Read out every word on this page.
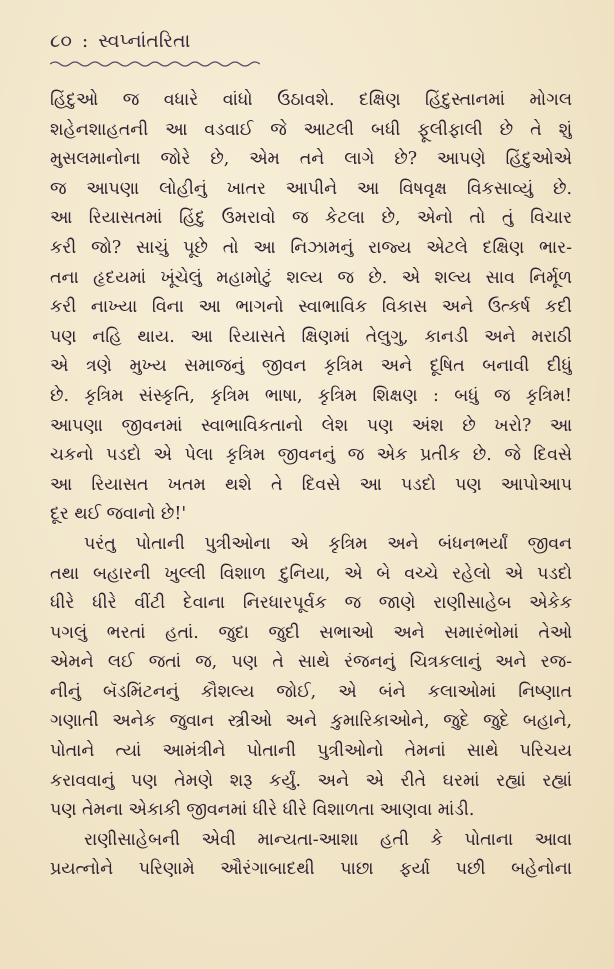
૮૦ : સ્વપ્નાંતરિતા
હિંદુઓ જ વધારે વાંધો ઉઠાવશે. દક્ષિણ હિંદુસ્તાનમાં મોગલ
શહેનશાહતની આ વડવાઈ જે આટલી બધી ફૂલીફાલી છે તે શું
મુસલમાનોના જોરે છે, એમ તને લાગે છે? આપણે હિંદુઓએ
જ આપણા લોહીનું ખાતર આપીને આ વિષવૃક્ષ વિકસાવ્યું છે.
આ રિયાસતમાં હિંદુ ઉમરાવો જ કેટલા છે, એનો તો તું વિચાર
કરી જો? સાચું પૂછે તો આ નિઝામનું રાજ્ય એટલે દક્ષિણ ભાર-
તના હૃદયમાં ખૂંચેલું મહામોટું શલ્ય જ છે. એ શલ્ય સાવ નિર્મૂળ
કરી નાખ્યા વિના આ ભાગનો સ્વાભાવિક વિકાસ અને ઉત્કર્ષ કદી
પણ નહિ થાય. આ રિયાસતે ક્ષિણમાં તેલુગુ, કાનડી અને મરાઠી
એ ત્રણે મુખ્ય સમાજનું જીવન કૃત્રિમ અને દૂષિત બનાવી દીધું
છે. કૃત્રિમ સંસ્કૃતિ, કૃત્રિમ ભાષા, કૃત્રિમ શિક્ષણ : બધું જ કૃત્રિમ!
આપણા જીવનમાં સ્વાભાવિકતાનો લેશ પણ અંશ છે ખરો? આ
ચકનો પડદો એ પેલા કૃત્રિમ જીવનનું જ એક પ્રતીક છે. જે દિવસે
આ રિયાસત ખતમ થશે તે દિવસે આ પડદો પણ આપોઆપ
દૂર થઈ જવાનો છે!'
પરંતુ પોતાની પુત્રીઓના એ કૃત્રિમ અને બંધનભર્યાં જીવન
તથા બહારની ખુલ્લી વિશાળ દુનિયા, એ બે વચ્ચે રહેલો એ પડદો
ધીરે ધીરે વીંટી દેવાના નિરધારપૂર્વક જ જાણે રાણીસાહેબ એકેક
પગલું ભરતાં હતાં. જુદા જુદી સભાઓ અને સમારંભોમાં તેઓ
એમને લઈ જતાં જ, પણ તે સાથે રંજનનું ચિત્રકલાનું અને રજ-
નીનું બૅડમિંટનનું કૌશલ્ય જોઈ, એ બંને કલાઓમાં નિષ્ણાત
ગણાતી અનેક જુવાન સ્ત્રીઓ અને કુમારિકાઓને, જુદે જુદે બહાને,
પોતાને ત્યાં આમંત્રીને પોતાની પુત્રીઓનો તેમનાં સાથે પરિચય
કરાવવાનું પણ તેમણે શરૂ કર્યું. અને એ રીતે ઘરમાં રહ્યાં રહ્યાં
પણ તેમના એકાકી જીવનમાં ધીરે ધીરે વિશાળતા આણવા માંડી.
રાણીસાહેબની એવી માન્યતા-આશા હતી કે પોતાના આવા
પ્રયત્નોને પરિણામે ઔરંગાબાદથી પાછા ફર્યા પછી બહેનોના
